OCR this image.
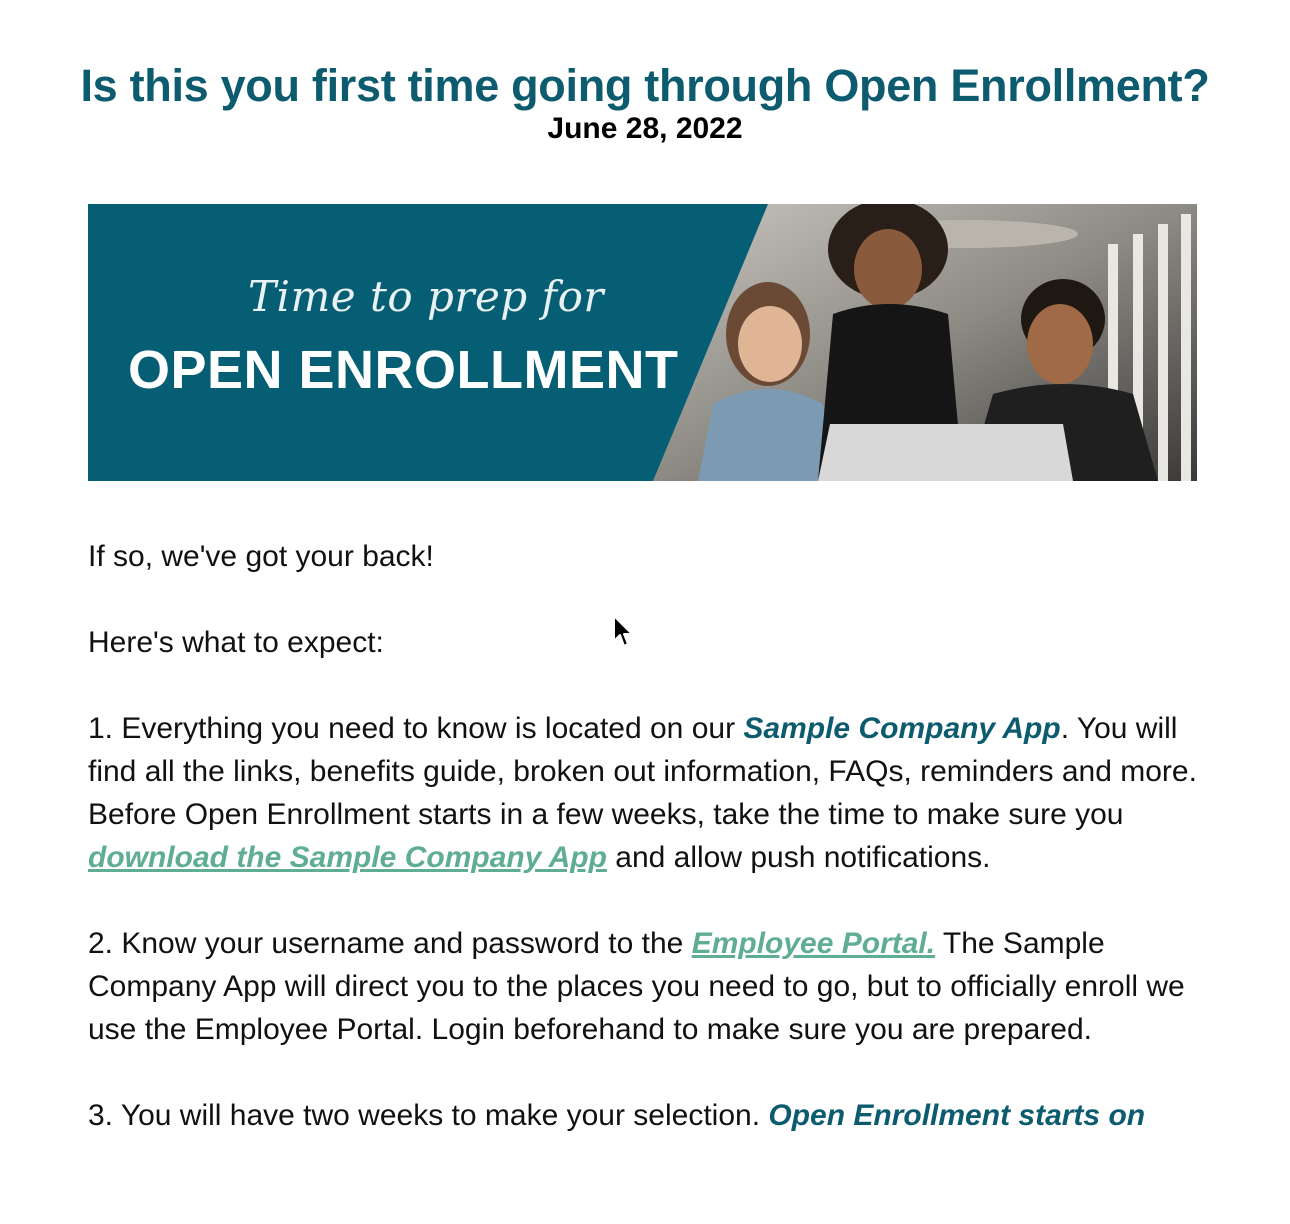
Is this you first time going through Open Enrollment?
June 28, 2022
Time to prep for
OPEN ENROLLMENT

If so, we've got your back!

Here's what to expect:

1. Everything you need to know is located on our Sample Company App. You will find all the links, benefits guide, broken out information, FAQs, reminders and more. Before Open Enrollment starts in a few weeks, take the time to make sure you download the Sample Company App and allow push notifications.

2. Know your username and password to the Employee Portal. The Sample Company App will direct you to the places you need to go, but to officially enroll we use the Employee Portal. Login beforehand to make sure you are prepared.

3. You will have two weeks to make your selection. Open Enrollment starts on
